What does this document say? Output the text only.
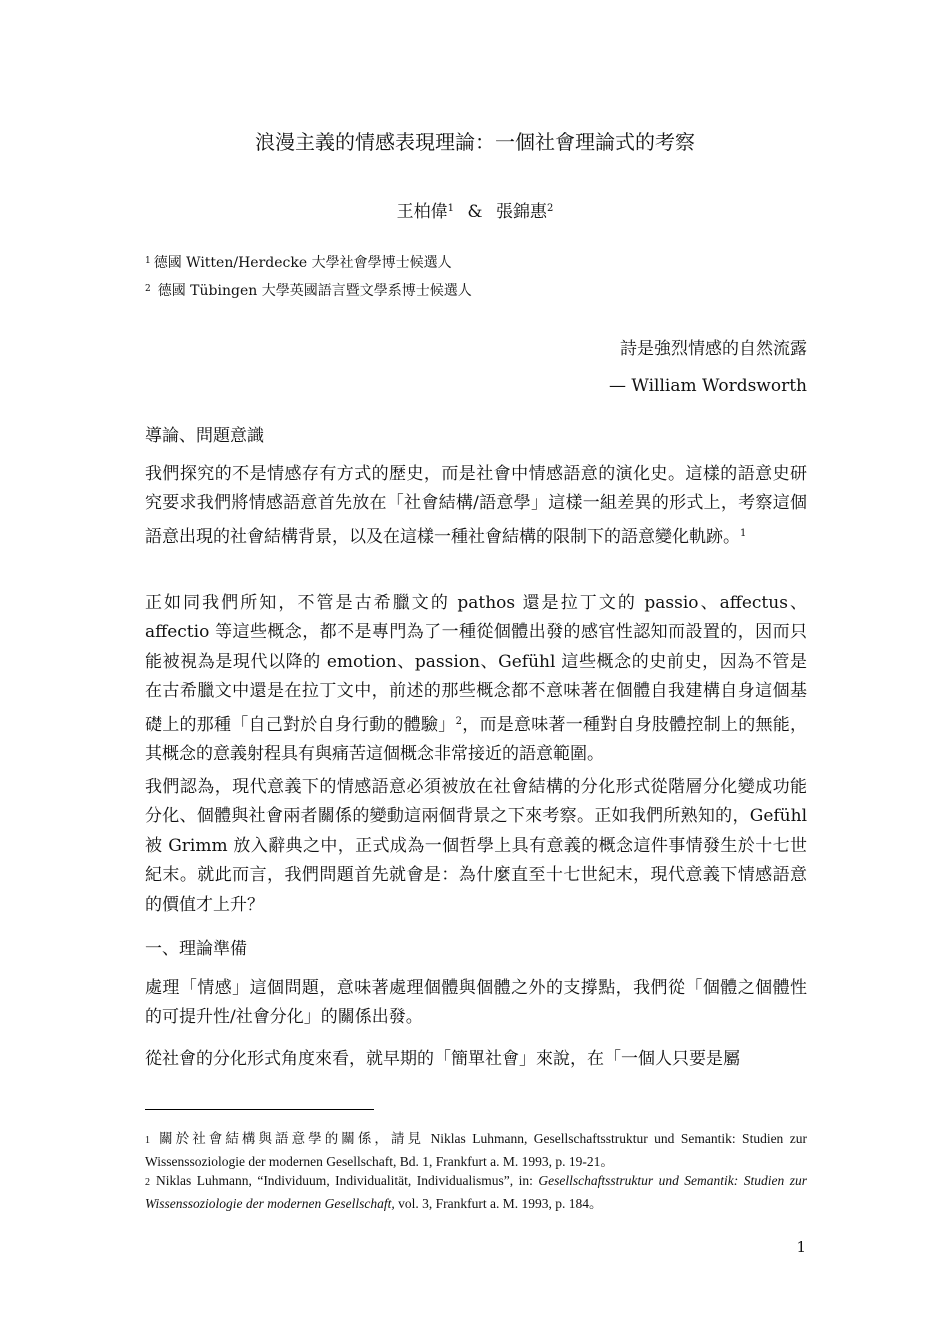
浪漫主義的情感表現理論：一個社會理論式的考察
王柏偉$^1$ & 張錦惠$^2$
$^1$ 德國 Witten/Herdecke 大學社會學博士候選人
$^2$ 德國 Tübingen 大學英國語言暨文學系博士候選人
詩是強烈情感的自然流露
— William Wordsworth
導論、問題意識
我們探究的不是情感存有方式的歷史，而是社會中情感語意的演化史。這樣的語意史研究要求我們將情感語意首先放在「社會結構/語意學」這樣一組差異的形式上，考察這個語意出現的社會結構背景，以及在這樣一種社會結構的限制下的語意變化軌跡。$^1$
正如同我們所知，不管是古希臘文的 pathos 還是拉丁文的 passio、affectus、affectio 等這些概念，都不是專門為了一種從個體出發的感官性認知而設置的，因而只能被視為是現代以降的 emotion、passion、Gefühl 這些概念的史前史，因為不管是在古希臘文中還是在拉丁文中，前述的那些概念都不意味著在個體自我建構自身這個基礎上的那種「自己對於自身行動的體驗」$^2$，而是意味著一種對自身肢體控制上的無能，其概念的意義射程具有與痛苦這個概念非常接近的語意範圍。
我們認為，現代意義下的情感語意必須被放在社會結構的分化形式從階層分化變成功能分化、個體與社會兩者關係的變動這兩個背景之下來考察。正如我們所熟知的，Gefühl 被 Grimm 放入辭典之中，正式成為一個哲學上具有意義的概念這件事情發生於十七世紀末。就此而言，我們問題首先就會是：為什麼直至十七世紀末，現代意義下情感語意的價值才上升？
一、理論準備
處理「情感」這個問題，意味著處理個體與個體之外的支撐點，我們從「個體之個體性的可提升性/社會分化」的關係出發。
從社會的分化形式角度來看，就早期的「簡單社會」來說，在「一個人只要是屬
1 關於社會結構與語意學的關係，請見 Niklas Luhmann, Gesellschaftsstruktur und Semantik: Studien zur Wissenssoziologie der modernen Gesellschaft, Bd. 1, Frankfurt a. M. 1993, p. 19-21。
2 Niklas Luhmann, “Individuum, Individualität, Individualismus”, in: Gesellschaftsstruktur und Semantik: Studien zur Wissenssoziologie der modernen Gesellschaft, vol. 3, Frankfurt a. M. 1993, p. 184。
1
